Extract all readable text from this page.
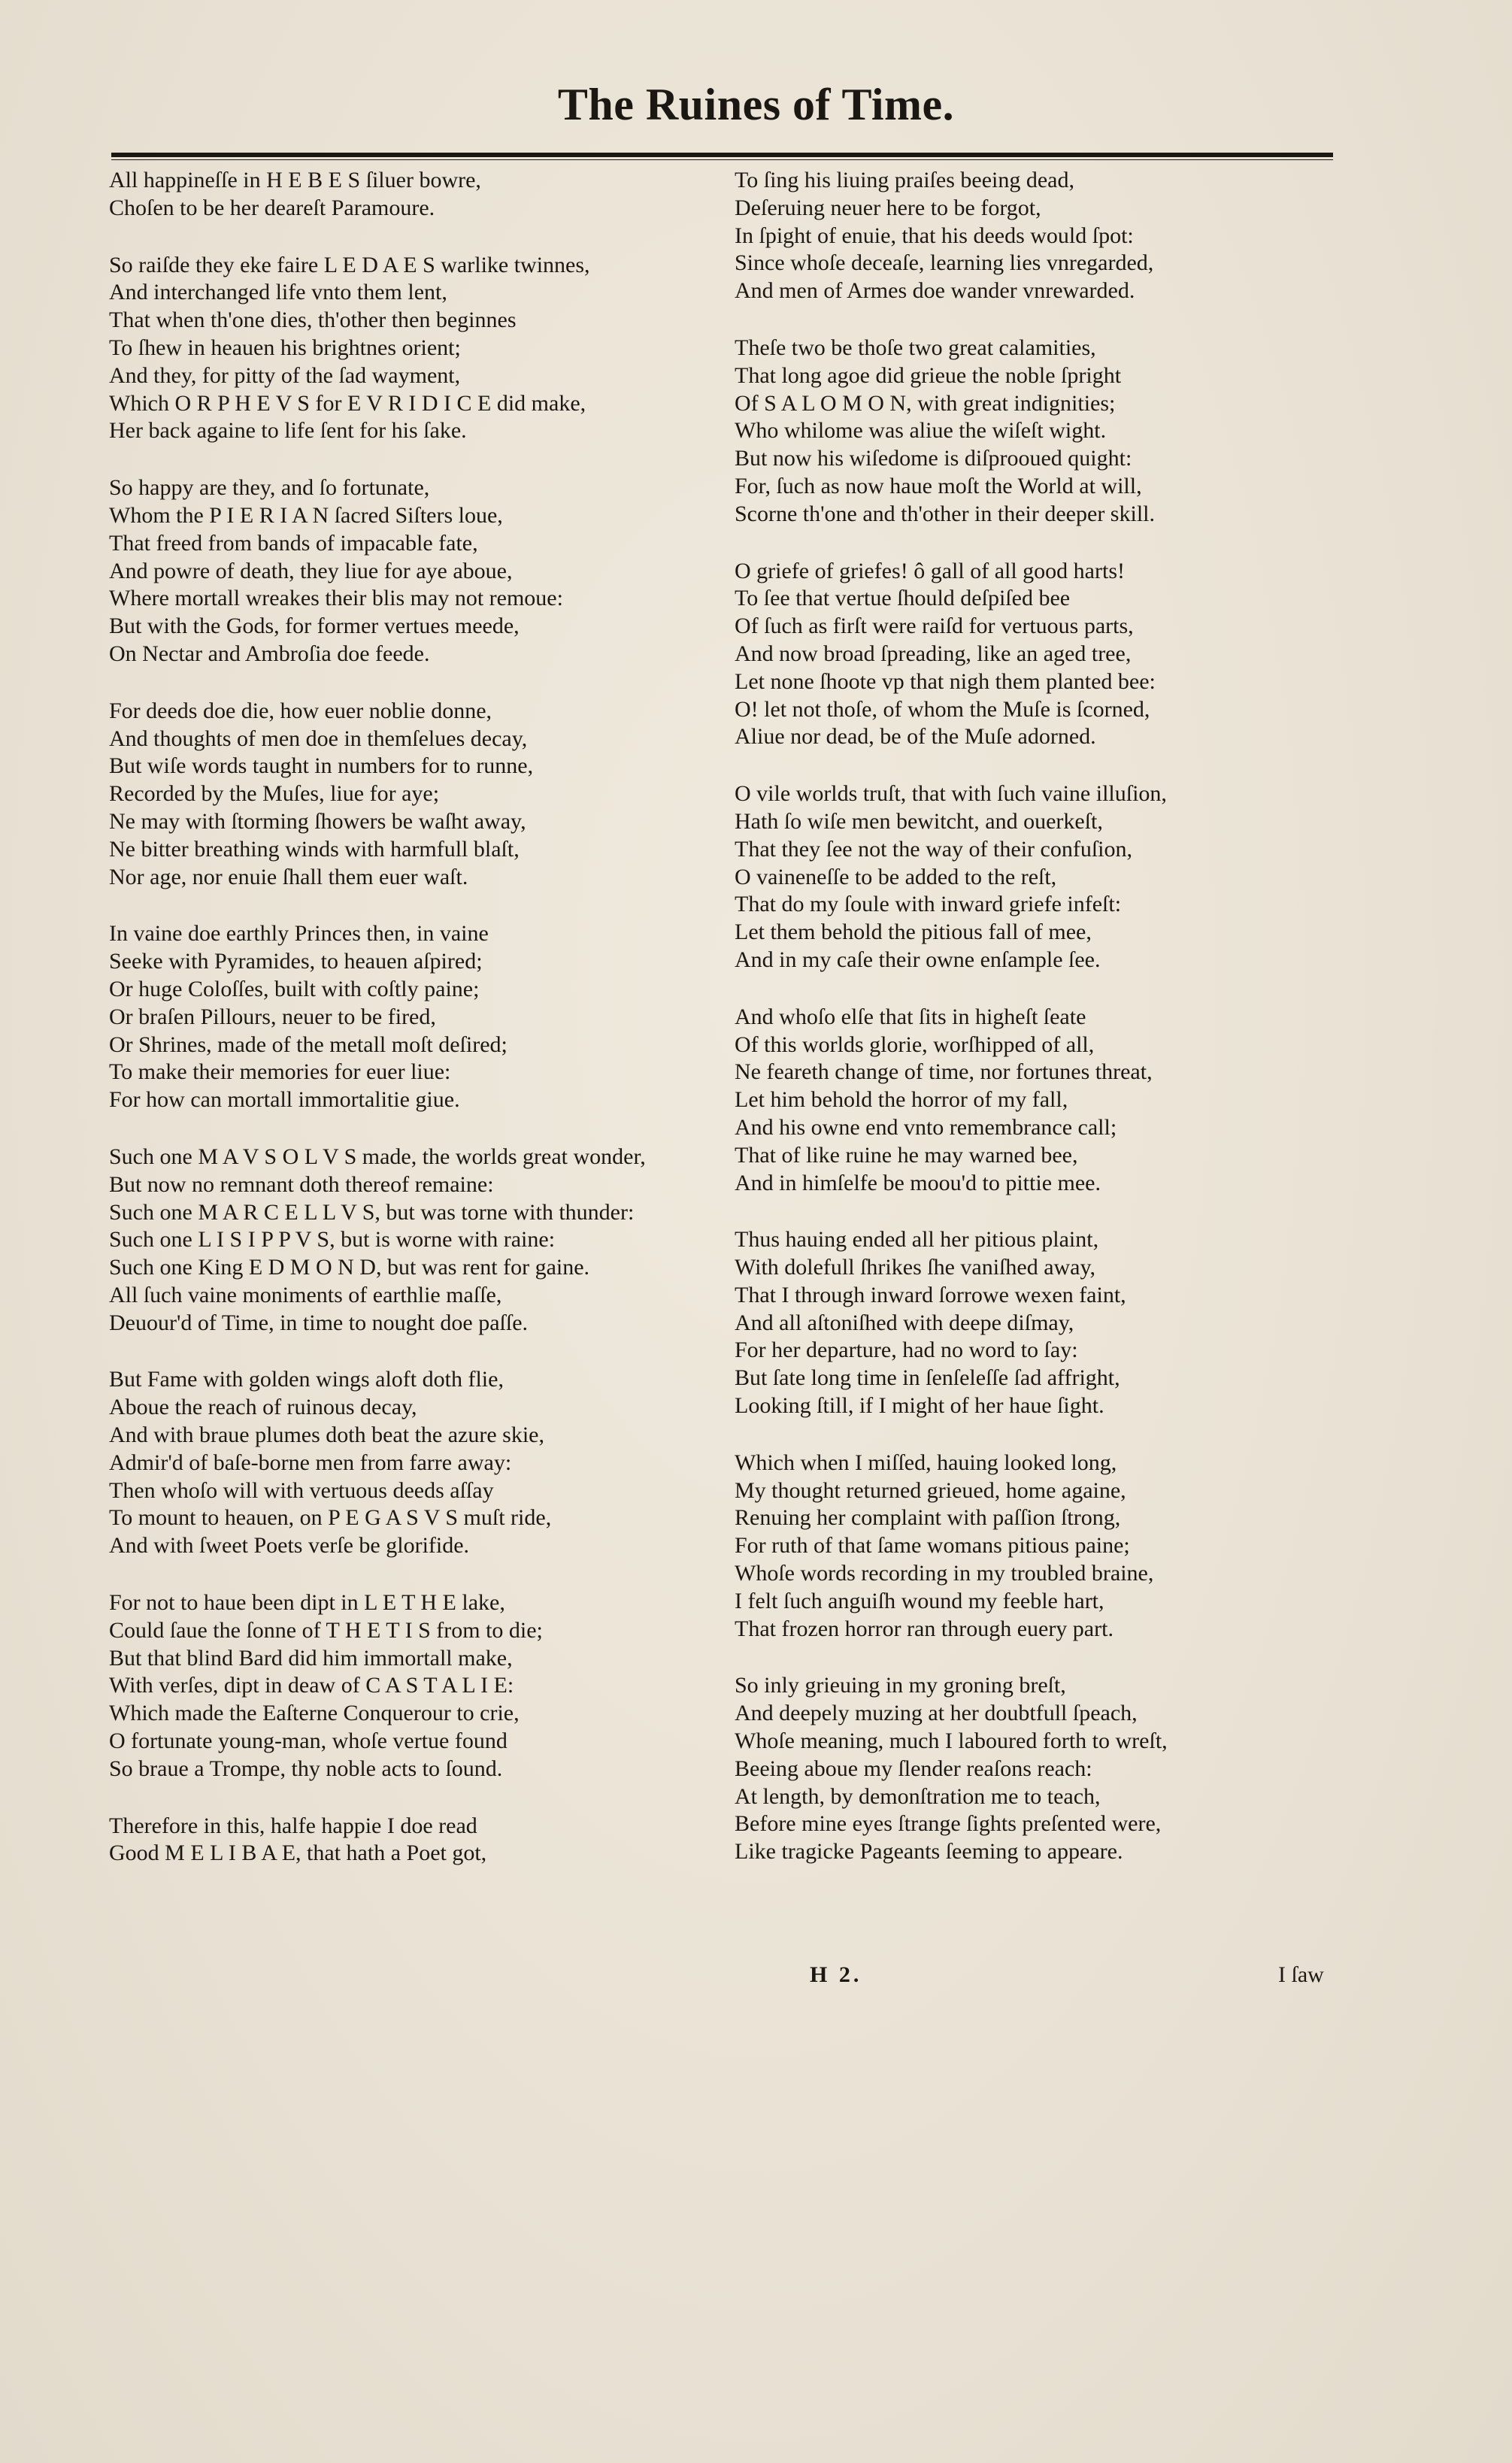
The Ruines of Time.
All happineſſe in H E B E S ſiluer bowre,
Choſen to be her deareſt Paramoure.
So raiſde they eke faire L E D A E S warlike twinnes,
And interchanged life vnto them lent,
That when th'one dies, th'other then beginnes
To ſhew in heauen his brightnes orient;
And they, for pitty of the ſad wayment,
Which O R P H E V S for E V R I D I C E did make,
Her back againe to life ſent for his ſake.
So happy are they, and ſo fortunate,
Whom the P I E R I A N ſacred Siſters loue,
That freed from bands of impacable fate,
And powre of death, they liue for aye aboue,
Where mortall wreakes their blis may not remoue:
But with the Gods, for former vertues meede,
On Nectar and Ambroſia doe feede.
For deeds doe die, how euer noblie donne,
And thoughts of men doe in themſelues decay,
But wiſe words taught in numbers for to runne,
Recorded by the Muſes, liue for aye;
Ne may with ſtorming ſhowers be waſht away,
Ne bitter breathing winds with harmfull blaſt,
Nor age, nor enuie ſhall them euer waſt.
In vaine doe earthly Princes then, in vaine
Seeke with Pyramides, to heauen aſpired;
Or huge Coloſſes, built with coſtly paine;
Or braſen Pillours, neuer to be fired,
Or Shrines, made of the metall moſt deſired;
To make their memories for euer liue:
For how can mortall immortalitie giue.
Such one M A V S O L V S made, the worlds great wonder,
But now no remnant doth thereof remaine:
Such one M A R C E L L V S, but was torne with thunder:
Such one L I S I P P V S, but is worne with raine:
Such one King E D M O N D, but was rent for gaine.
All ſuch vaine moniments of earthlie maſſe,
Deuour'd of Time, in time to nought doe paſſe.
But Fame with golden wings aloft doth flie,
Aboue the reach of ruinous decay,
And with braue plumes doth beat the azure skie,
Admir'd of baſe-borne men from farre away:
Then whoſo will with vertuous deeds aſſay
To mount to heauen, on P E G A S V S muſt ride,
And with ſweet Poets verſe be glorifide.
For not to haue been dipt in L E T H E lake,
Could ſaue the ſonne of T H E T I S from to die;
But that blind Bard did him immortall make,
With verſes, dipt in deaw of C A S T A L I E:
Which made the Eaſterne Conquerour to crie,
O fortunate young-man, whoſe vertue found
So braue a Trompe, thy noble acts to ſound.
Therefore in this, halfe happie I doe read
Good M E L I B A E, that hath a Poet got,
To ſing his liuing praiſes beeing dead,
Deſeruing neuer here to be forgot,
In ſpight of enuie, that his deeds would ſpot:
Since whoſe deceaſe, learning lies vnregarded,
And men of Armes doe wander vnrewarded.
Theſe two be thoſe two great calamities,
That long agoe did grieue the noble ſpright
Of S A L O M O N, with great indignities;
Who whilome was aliue the wiſeſt wight.
But now his wiſedome is diſprooued quight:
For, ſuch as now haue moſt the World at will,
Scorne th'one and th'other in their deeper skill.
O griefe of griefes! ô gall of all good harts!
To ſee that vertue ſhould deſpiſed bee
Of ſuch as firſt were raiſd for vertuous parts,
And now broad ſpreading, like an aged tree,
Let none ſhoote vp that nigh them planted bee:
O! let not thoſe, of whom the Muſe is ſcorned,
Aliue nor dead, be of the Muſe adorned.
O vile worlds truſt, that with ſuch vaine illuſion,
Hath ſo wiſe men bewitcht, and ouerkeſt,
That they ſee not the way of their confuſion,
O vaineneſſe to be added to the reſt,
That do my ſoule with inward griefe infeſt:
Let them behold the pitious fall of mee,
And in my caſe their owne enſample ſee.
And whoſo elſe that ſits in higheſt ſeate
Of this worlds glorie, worſhipped of all,
Ne feareth change of time, nor fortunes threat,
Let him behold the horror of my fall,
And his owne end vnto remembrance call;
That of like ruine he may warned bee,
And in himſelfe be moou'd to pittie mee.
Thus hauing ended all her pitious plaint,
With dolefull ſhrikes ſhe vaniſhed away,
That I through inward ſorrowe wexen faint,
And all aſtoniſhed with deepe diſmay,
For her departure, had no word to ſay:
But ſate long time in ſenſeleſſe ſad affright,
Looking ſtill, if I might of her haue ſight.
Which when I miſſed, hauing looked long,
My thought returned grieued, home againe,
Renuing her complaint with paſſion ſtrong,
For ruth of that ſame womans pitious paine;
Whoſe words recording in my troubled braine,
I felt ſuch anguiſh wound my feeble hart,
That frozen horror ran through euery part.
So inly grieuing in my groning breſt,
And deepely muzing at her doubtfull ſpeach,
Whoſe meaning, much I laboured forth to wreſt,
Beeing aboue my ſlender reaſons reach:
At length, by demonſtration me to teach,
Before mine eyes ſtrange ſights preſented were,
Like tragicke Pageants ſeeming to appeare.
H 2.	I ſaw
